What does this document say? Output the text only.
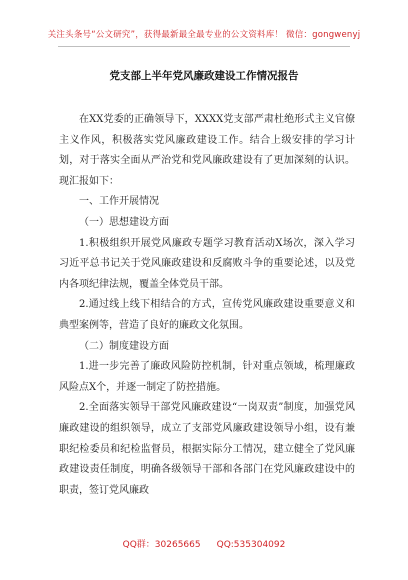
关注头条号“公文研究”，获得最新最全最专业的公文资料库！ 微信：gongwenyj
党支部上半年党风廉政建设工作情况报告

在XX党委的正确领导下，XXXX党支部严肃杜绝形式主义官僚主义作风，积极落实党风廉政建设工作。结合上级安排的学习计划，对于落实全面从严治党和党风廉政建设有了更加深刻的认识。现汇报如下：

一、工作开展情况

（一）思想建设方面

1.积极组织开展党风廉政专题学习教育活动X场次，深入学习习近平总书记关于党风廉政建设和反腐败斗争的重要论述，以及党内各项纪律法规，覆盖全体党员干部。

2.通过线上线下相结合的方式，宣传党风廉政建设重要意义和典型案例等，营造了良好的廉政文化氛围。

（二）制度建设方面

1.进一步完善了廉政风险防控机制，针对重点领域，梳理廉政风险点X个，并逐一制定了防控措施。

2.全面落实领导干部党风廉政建设“一岗双责”制度，加强党风廉政建设的组织领导，成立了支部党风廉政建设领导小组，设有兼职纪检委员和纪检监督员，根据实际分工情况，建立健全了党风廉政建设责任制度，明确各级领导干部和各部门在党风廉政建设中的职责，签订党风廉政

QQ群：30265665 QQ:535304092
